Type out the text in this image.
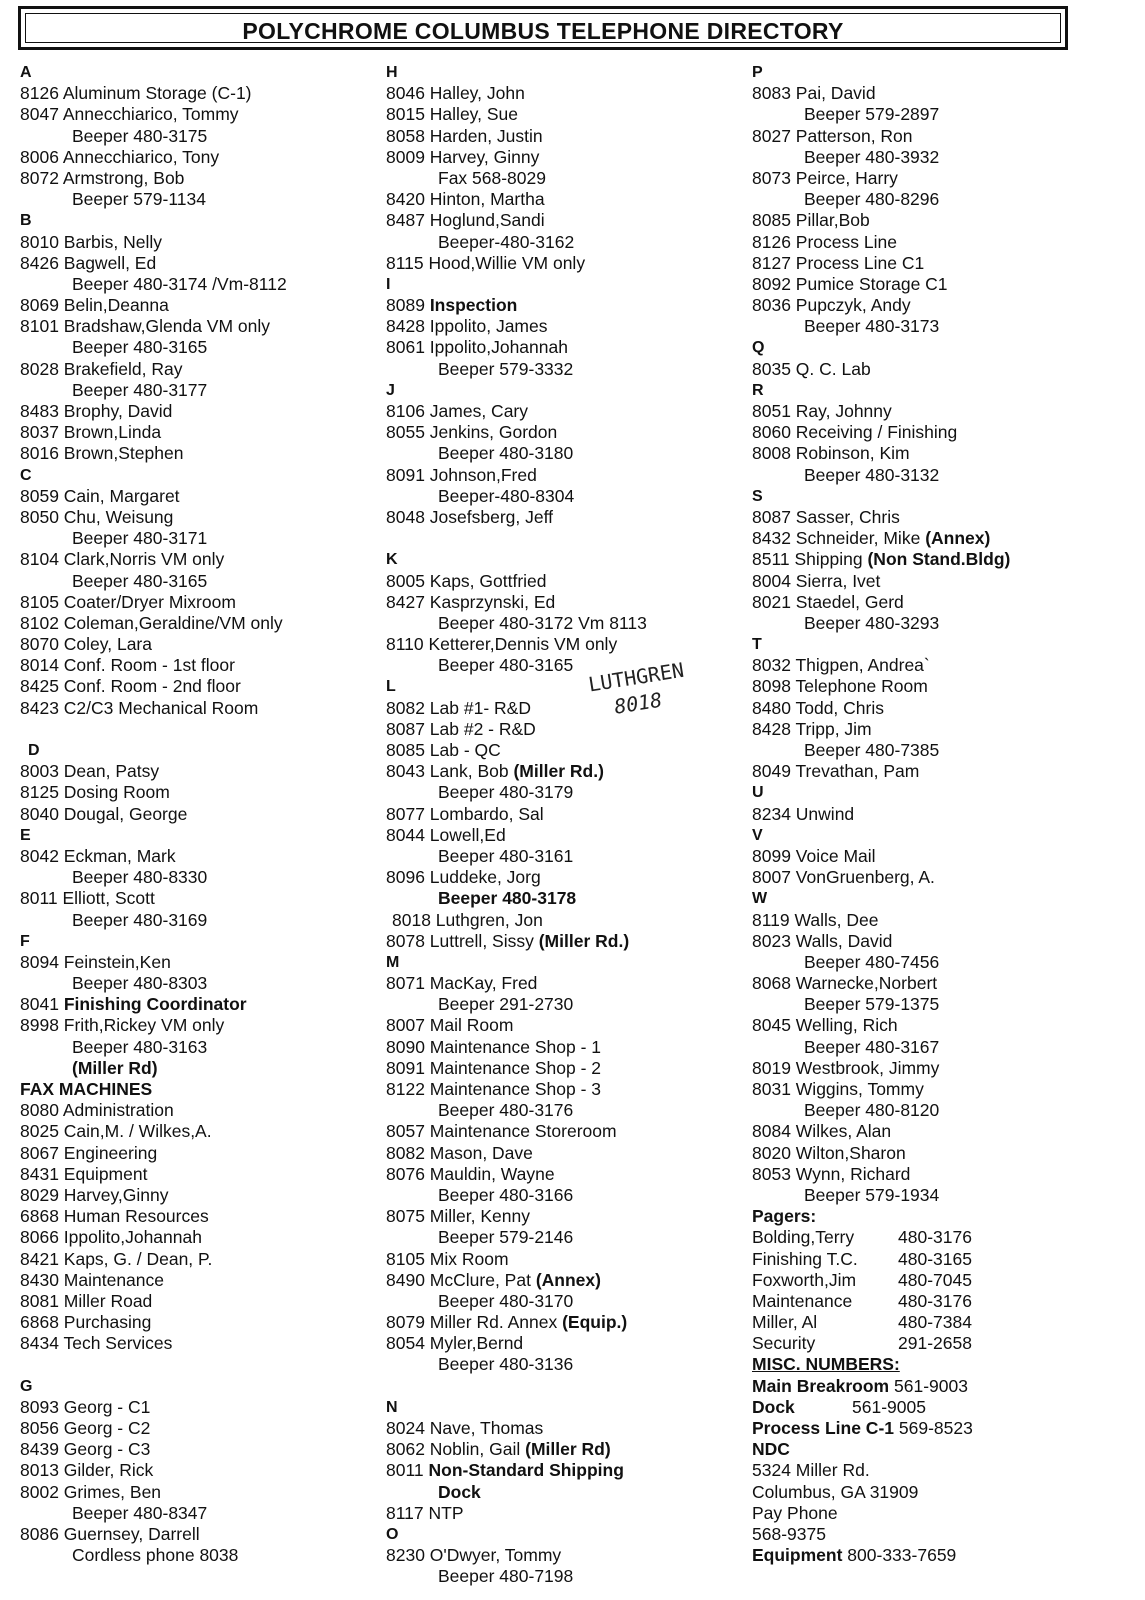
POLYCHROME COLUMBUS TELEPHONE DIRECTORY
A
8126 Aluminum Storage (C-1)
8047 Annecchiarico, Tommy
Beeper 480-3175
8006 Annecchiarico, Tony
8072 Armstrong, Bob
Beeper 579-1134
B
8010 Barbis, Nelly
8426 Bagwell, Ed
Beeper 480-3174 /Vm-8112
8069 Belin,Deanna
8101 Bradshaw,Glenda VM only
Beeper 480-3165
8028 Brakefield, Ray
Beeper 480-3177
8483 Brophy, David
8037 Brown,Linda
8016 Brown,Stephen
C
8059 Cain, Margaret
8050 Chu, Weisung
Beeper 480-3171
8104 Clark,Norris VM only
Beeper 480-3165
8105 Coater/Dryer Mixroom
8102 Coleman,Geraldine/VM only
8070 Coley, Lara
8014 Conf. Room - 1st floor
8425 Conf. Room - 2nd floor
8423 C2/C3 Mechanical Room
D
8003 Dean, Patsy
8125 Dosing Room
8040 Dougal, George
E
8042 Eckman, Mark
Beeper 480-8330
8011 Elliott, Scott
Beeper 480-3169
F
8094 Feinstein,Ken
Beeper 480-8303
8041 Finishing Coordinator
8998 Frith,Rickey VM only
Beeper 480-3163
(Miller Rd)
FAX MACHINES
8080 Administration
8025 Cain,M. / Wilkes,A.
8067 Engineering
8431 Equipment
8029 Harvey,Ginny
6868 Human Resources
8066 Ippolito,Johannah
8421 Kaps, G. / Dean, P.
8430 Maintenance
8081 Miller Road
6868 Purchasing
8434 Tech Services
G
8093 Georg - C1
8056 Georg - C2
8439 Georg - C3
8013 Gilder, Rick
8002 Grimes, Ben
Beeper 480-8347
8086 Guernsey, Darrell
Cordless phone 8038
H
8046 Halley, John
8015 Halley, Sue
8058 Harden, Justin
8009 Harvey, Ginny
Fax 568-8029
8420 Hinton, Martha
8487 Hoglund,Sandi
Beeper-480-3162
8115 Hood,Willie VM only
I
8089 Inspection
8428 Ippolito, James
8061 Ippolito,Johannah
Beeper 579-3332
J
8106 James, Cary
8055 Jenkins, Gordon
Beeper 480-3180
8091 Johnson,Fred
Beeper-480-8304
8048 Josefsberg, Jeff
K
8005 Kaps, Gottfried
8427 Kasprzynski, Ed
Beeper 480-3172 Vm 8113
8110 Ketterer,Dennis VM only
Beeper 480-3165
L
8082 Lab #1- R&D
8087 Lab #2 - R&D
8085 Lab - QC
8043 Lank, Bob (Miller Rd.)
Beeper 480-3179
8077 Lombardo, Sal
8044 Lowell,Ed
Beeper 480-3161
8096 Luddeke, Jorg
Beeper 480-3178
8018 Luthgren, Jon
8078 Luttrell, Sissy (Miller Rd.)
M
8071 MacKay, Fred
Beeper 291-2730
8007 Mail Room
8090 Maintenance Shop - 1
8091 Maintenance Shop - 2
8122 Maintenance Shop - 3
Beeper 480-3176
8057 Maintenance Storeroom
8082 Mason, Dave
8076 Mauldin, Wayne
Beeper 480-3166
8075 Miller, Kenny
Beeper 579-2146
8105 Mix Room
8490 McClure, Pat (Annex)
Beeper 480-3170
8079 Miller Rd. Annex (Equip.)
8054 Myler,Bernd
Beeper 480-3136
N
8024 Nave, Thomas
8062 Noblin, Gail (Miller Rd)
8011 Non-Standard Shipping
Dock
8117 NTP
O
8230 O'Dwyer, Tommy
Beeper 480-7198
P
8083 Pai, David
Beeper 579-2897
8027 Patterson, Ron
Beeper 480-3932
8073 Peirce, Harry
Beeper 480-8296
8085 Pillar,Bob
8126 Process Line
8127 Process Line C1
8092 Pumice Storage C1
8036 Pupczyk, Andy
Beeper 480-3173
Q
8035 Q. C. Lab
R
8051 Ray, Johnny
8060 Receiving / Finishing
8008 Robinson, Kim
Beeper 480-3132
S
8087 Sasser, Chris
8432 Schneider, Mike (Annex)
8511 Shipping (Non Stand.Bldg)
8004 Sierra, Ivet
8021 Staedel, Gerd
Beeper 480-3293
T
8032 Thigpen, Andrea`
8098 Telephone Room
8480 Todd, Chris
8428 Tripp, Jim
Beeper 480-7385
8049 Trevathan, Pam
U
8234 Unwind
V
8099 Voice Mail
8007 VonGruenberg, A.
W
8119 Walls, Dee
8023 Walls, David
Beeper 480-7456
8068 Warnecke,Norbert
Beeper 579-1375
8045 Welling, Rich
Beeper 480-3167
8019 Westbrook, Jimmy
8031 Wiggins, Tommy
Beeper 480-8120
8084 Wilkes, Alan
8020 Wilton,Sharon
8053 Wynn, Richard
Beeper 579-1934
Pagers:
Bolding,Terry	480-3176
Finishing T.C. 480-3165
Foxworth,Jim 480-7045
Maintenance	480-3176
Miller, Al	480-7384
Security	291-2658
MISC. NUMBERS:
Main Breakroom 561-9003
Dock	561-9005
Process Line C-1 569-8523
NDC
5324 Miller Rd.
Columbus, GA 31909
Pay Phone
568-9375
Equipment 800-333-7659
LUTHGREN
8018
